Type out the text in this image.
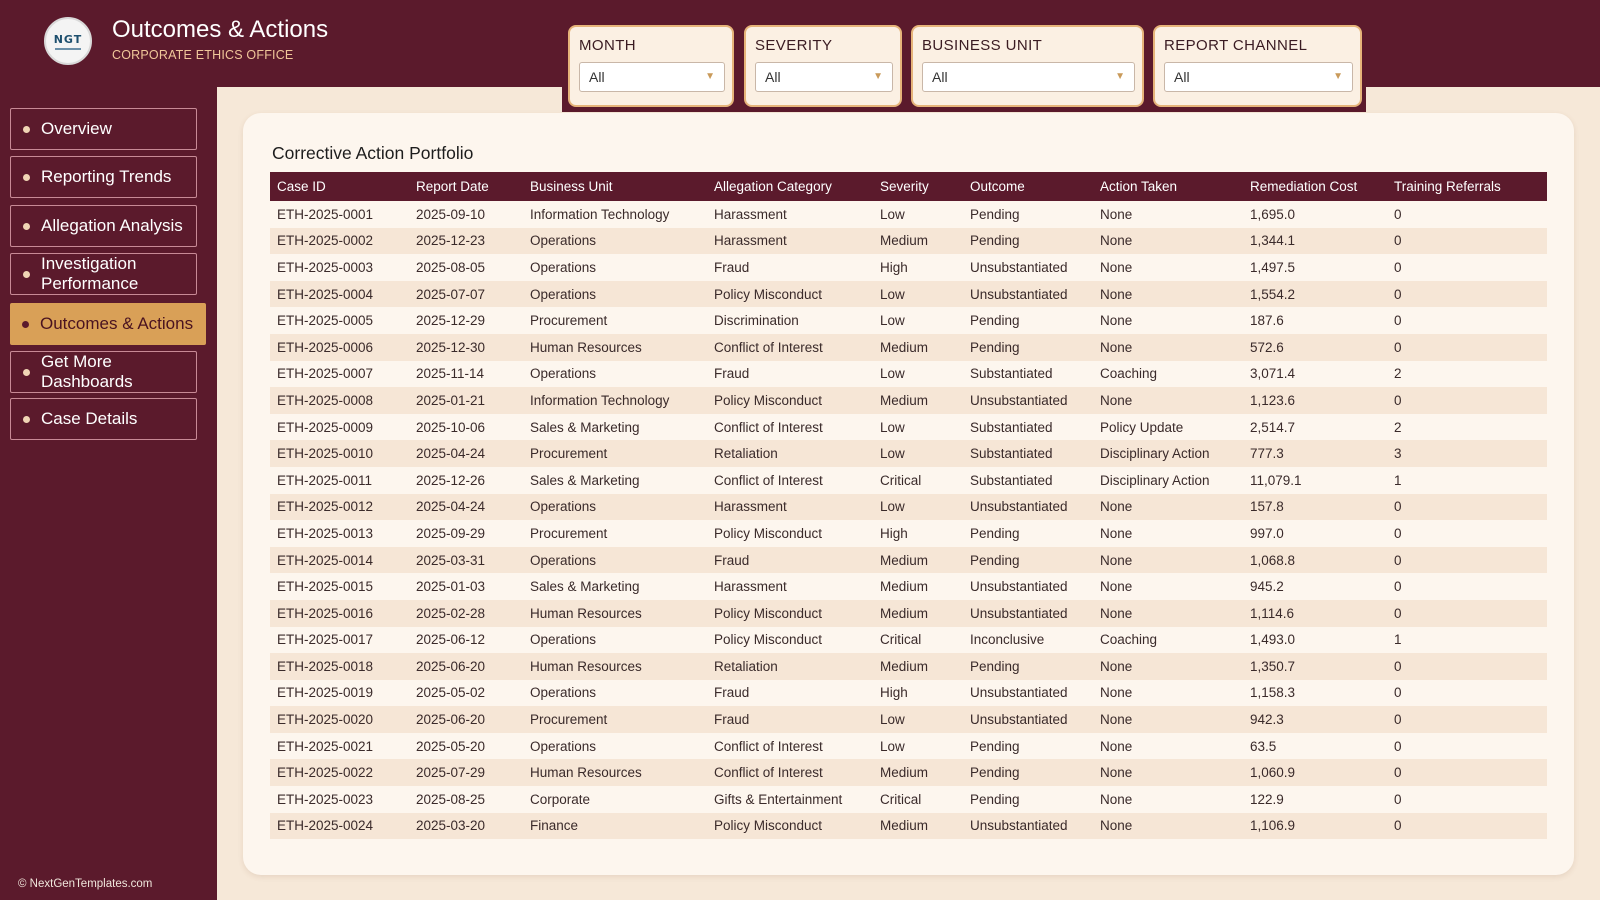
NGT Outcomes & Actions
CORPORATE ETHICS OFFICE
MONTH
All	▼
SEVERITY
All	▼
BUSINESS UNIT
All	▼
REPORT CHANNEL
All	▼
Overview
Reporting Trends
Allegation Analysis
Investigation Performance
Outcomes & Actions
Get More Dashboards
Case Details
© NextGenTemplates.com
Corrective Action Portfolio
Case ID	Report Date	Business Unit	Allegation Category	Severity	Outcome	Action Taken	Remediation Cost	Training Referrals
ETH-2025-0001	2025-09-10	Information Technology	Harassment	Low	Pending	None	1,695.0	0
ETH-2025-0002	2025-12-23	Operations	Harassment	Medium	Pending	None	1,344.1	0
ETH-2025-0003	2025-08-05	Operations	Fraud	High	Unsubstantiated	None	1,497.5	0
ETH-2025-0004	2025-07-07	Operations	Policy Misconduct	Low	Unsubstantiated	None	1,554.2	0
ETH-2025-0005	2025-12-29	Procurement	Discrimination	Low	Pending	None	187.6	0
ETH-2025-0006	2025-12-30	Human Resources	Conflict of Interest	Medium	Pending	None	572.6	0
ETH-2025-0007	2025-11-14	Operations	Fraud	Low	Substantiated	Coaching	3,071.4	2
ETH-2025-0008	2025-01-21	Information Technology	Policy Misconduct	Medium	Unsubstantiated	None	1,123.6	0
ETH-2025-0009	2025-10-06	Sales & Marketing	Conflict of Interest	Low	Substantiated	Policy Update	2,514.7	2
ETH-2025-0010	2025-04-24	Procurement	Retaliation	Low	Substantiated	Disciplinary Action	777.3	3
ETH-2025-0011	2025-12-26	Sales & Marketing	Conflict of Interest	Critical	Substantiated	Disciplinary Action	11,079.1	1
ETH-2025-0012	2025-04-24	Operations	Harassment	Low	Unsubstantiated	None	157.8	0
ETH-2025-0013	2025-09-29	Procurement	Policy Misconduct	High	Pending	None	997.0	0
ETH-2025-0014	2025-03-31	Operations	Fraud	Medium	Pending	None	1,068.8	0
ETH-2025-0015	2025-01-03	Sales & Marketing	Harassment	Medium	Unsubstantiated	None	945.2	0
ETH-2025-0016	2025-02-28	Human Resources	Policy Misconduct	Medium	Unsubstantiated	None	1,114.6	0
ETH-2025-0017	2025-06-12	Operations	Policy Misconduct	Critical	Inconclusive	Coaching	1,493.0	1
ETH-2025-0018	2025-06-20	Human Resources	Retaliation	Medium	Pending	None	1,350.7	0
ETH-2025-0019	2025-05-02	Operations	Fraud	High	Unsubstantiated	None	1,158.3	0
ETH-2025-0020	2025-06-20	Procurement	Fraud	Low	Unsubstantiated	None	942.3	0
ETH-2025-0021	2025-05-20	Operations	Conflict of Interest	Low	Pending	None	63.5	0
ETH-2025-0022	2025-07-29	Human Resources	Conflict of Interest	Medium	Pending	None	1,060.9	0
ETH-2025-0023	2025-08-25	Corporate	Gifts & Entertainment	Critical	Pending	None	122.9	0
ETH-2025-0024	2025-03-20	Finance	Policy Misconduct	Medium	Unsubstantiated	None	1,106.9	0
